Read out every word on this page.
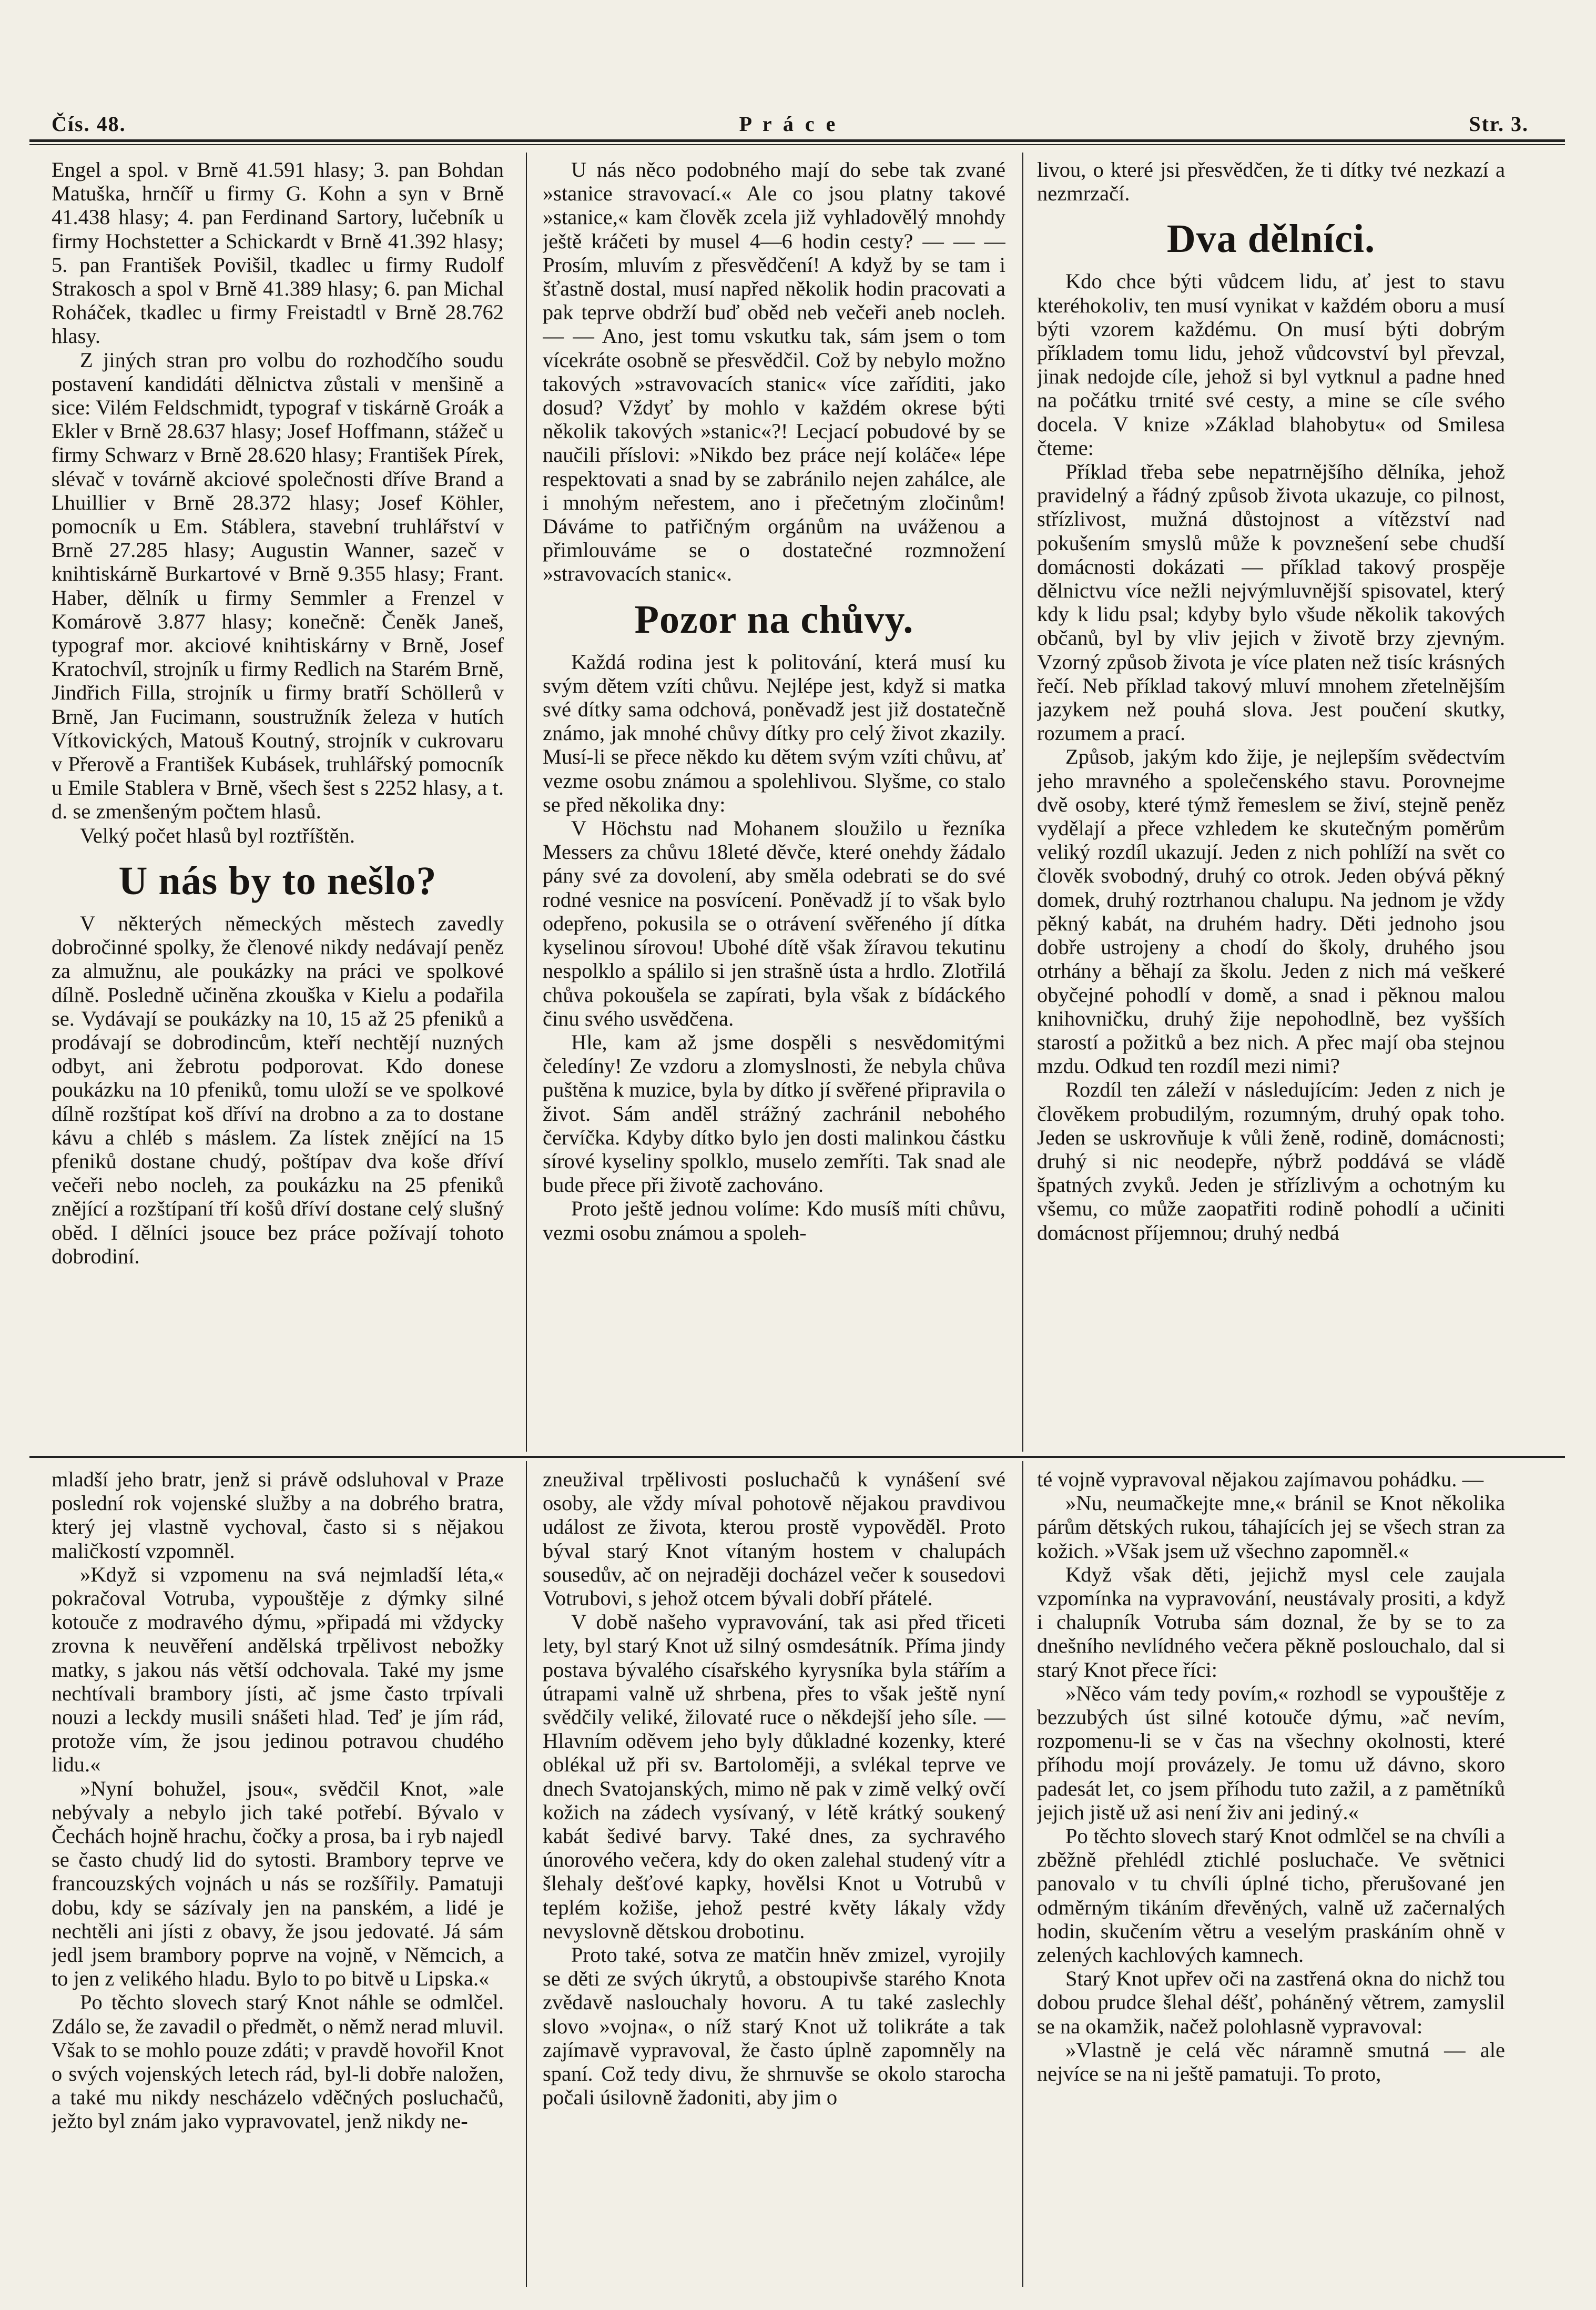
Čís. 48.	P r á c e	Str. 3.

Engel a spol. v Brně 41.591 hlasy; 3. pan Bohdan Matuška, hrnčíř u firmy G. Kohn a syn v Brně 41.438 hlasy; 4. pan Ferdinand Sartory, lučebník u firmy Hochstetter a Schickardt v Brně 41.392 hlasy; 5. pan František Povišil, tkadlec u firmy Rudolf Strakosch a spol v Brně 41.389 hlasy; 6. pan Michal Roháček, tkadlec u firmy Freistadtl v Brně 28.762 hlasy.

Z jiných stran pro volbu do rozhodčího soudu postavení kandidáti dělnictva zůstali v menšině a sice: Vilém Feldschmidt, typograf v tiskárně Groák a Ekler v Brně 28.637 hlasy; Josef Hoffmann, stážeč u firmy Schwarz v Brně 28.620 hlasy; František Pírek, slévač v továrně akciové společnosti dříve Brand a Lhuillier v Brně 28.372 hlasy; Josef Köhler, pomocník u Em. Stáblera, stavební truhlářství v Brně 27.285 hlasy; Augustin Wanner, sazeč v knihtiskárně Burkartové v Brně 9.355 hlasy; Frant. Haber, dělník u firmy Semmler a Frenzel v Komárově 3.877 hlasy; konečně: Čeněk Janeš, typograf mor. akciové knihtiskárny v Brně, Josef Kratochvíl, strojník u firmy Redlich na Starém Brně, Jindřich Filla, strojník u firmy bratří Schöllerů v Brně, Jan Fucimann, soustružník železa v hutích Vítkovických, Matouš Koutný, strojník v cukrovaru v Přerově a František Kubásek, truhlářský pomocník u Emile Stablera v Brně, všech šest s 2252 hlasy, a t. d. se zmenšeným počtem hlasů.

Velký počet hlasů byl roztříštěn.

U nás by to nešlo?

V některých německých městech zavedly dobročinné spolky, že členové nikdy nedávají peněz za almužnu, ale poukázky na práci ve spolkové dílně. Posledně učiněna zkouška v Kielu a podařila se. Vydávají se poukázky na 10, 15 až 25 pfeniků a prodávají se dobrodincům, kteří nechtějí nuzných odbyt, ani žebrotu podporovat. Kdo donese poukázku na 10 pfeniků, tomu uloží se ve spolkové dílně rozštípat koš dříví na drobno a za to dostane kávu a chléb s máslem. Za lístek znějící na 15 pfeniků dostane chudý, poštípav dva koše dříví večeři nebo nocleh, za poukázku na 25 pfeniků znějící a rozštípaní tří košů dříví dostane celý slušný oběd. I dělníci jsouce bez práce požívají tohoto dobrodiní.

U nás něco podobného mají do sebe tak zvané »stanice stravovací.« Ale co jsou platny takové »stanice,« kam člověk zcela již vyhladovělý mnohdy ještě kráčeti by musel 4—6 hodin cesty? — — — Prosím, mluvím z přesvědčení! A když by se tam i šťastně dostal, musí napřed několik hodin pracovati a pak teprve obdrží buď oběd neb večeři aneb nocleh. — — Ano, jest tomu vskutku tak, sám jsem o tom vícekráte osobně se přesvědčil. Což by nebylo možno takových »stravovacích stanic« více zaříditi, jako dosud? Vždyť by mohlo v každém okrese býti několik takových »stanic«?! Lecjací pobudové by se naučili příslovi: »Nikdo bez práce nejí koláče« lépe respektovati a snad by se zabránilo nejen zahálce, ale i mnohým neřestem, ano i přečetným zločinům! Dáváme to patřičným orgánům na uváženou a přimlouváme se o dostatečné rozmnožení »stravovacích stanic«.

Pozor na chůvy.

Každá rodina jest k politování, která musí ku svým dětem vzíti chůvu. Nejlépe jest, když si matka své dítky sama odchová, poněvadž jest již dostatečně známo, jak mnohé chůvy dítky pro celý život zkazily. Musí-li se přece někdo ku dětem svým vzíti chůvu, ať vezme osobu známou a spolehlivou. Slyšme, co stalo se před několika dny:

V Höchstu nad Mohanem sloužilo u řezníka Messers za chůvu 18leté děvče, které onehdy žádalo pány své za dovolení, aby směla odebrati se do své rodné vesnice na posvícení. Poněvadž jí to však bylo odepřeno, pokusila se o otrávení svěřeného jí dítka kyselinou sírovou! Ubohé dítě však žíravou tekutinu nespolklo a spálilo si jen strašně ústa a hrdlo. Zlotřilá chůva pokoušela se zapírati, byla však z bídáckého činu svého usvědčena.

Hle, kam až jsme dospěli s nesvědomitými čeledíny! Ze vzdoru a zlomyslnosti, že nebyla chůva puštěna k muzice, byla by dítko jí svěřené připravila o život. Sám anděl strážný zachránil nebohého červíčka. Kdyby dítko bylo jen dosti malinkou částku sírové kyseliny spolklo, muselo zemříti. Tak snad ale bude přece při životě zachováno.

Proto ještě jednou volíme: Kdo musíš míti chůvu, vezmi osobu známou a spoleh-

livou, o které jsi přesvědčen, že ti dítky tvé nezkazí a nezmrzačí.

Dva dělníci.

Kdo chce býti vůdcem lidu, ať jest to stavu kteréhokoliv, ten musí vynikat v každém oboru a musí býti vzorem každému. On musí býti dobrým příkladem tomu lidu, jehož vůdcovství byl převzal, jinak nedojde cíle, jehož si byl vytknul a padne hned na počátku trnité své cesty, a mine se cíle svého docela. V knize »Základ blahobytu« od Smilesa čteme:

Příklad třeba sebe nepatrnějšího dělníka, jehož pravidelný a řádný způsob života ukazuje, co pilnost, střízlivost, mužná důstojnost a vítězství nad pokušením smyslů může k povznešení sebe chudší domácnosti dokázati — příklad takový prospěje dělnictvu více nežli nejvýmluvnější spisovatel, který kdy k lidu psal; kdyby bylo všude několik takových občanů, byl by vliv jejich v životě brzy zjevným. Vzorný způsob života je více platen než tisíc krásných řečí. Neb příklad takový mluví mnohem zřetelnějším jazykem než pouhá slova. Jest poučení skutky, rozumem a prací.

Způsob, jakým kdo žije, je nejlepším svědectvím jeho mravného a společenského stavu. Porovnejme dvě osoby, které týmž řemeslem se živí, stejně peněz vydělají a přece vzhledem ke skutečným poměrům veliký rozdíl ukazují. Jeden z nich pohlíží na svět co člověk svobodný, druhý co otrok. Jeden obývá pěkný domek, druhý roztrhanou chalupu. Na jednom je vždy pěkný kabát, na druhém hadry. Děti jednoho jsou dobře ustrojeny a chodí do školy, druhého jsou otrhány a běhají za školu. Jeden z nich má veškeré obyčejné pohodlí v domě, a snad i pěknou malou knihovničku, druhý žije nepohodlně, bez vyšších starostí a požitků a bez nich. A přec mají oba stejnou mzdu. Odkud ten rozdíl mezi nimi?

Rozdíl ten záleží v následujícím: Jeden z nich je člověkem probudilým, rozumným, druhý opak toho. Jeden se uskrovňuje k vůli ženě, rodině, domácnosti; druhý si nic neodepře, nýbrž poddává se vládě špatných zvyků. Jeden je střízlivým a ochotným ku všemu, co může zaopatřiti rodině pohodlí a učiniti domácnost příjemnou; druhý nedbá

mladší jeho bratr, jenž si právě odsluhoval v Praze poslední rok vojenské služby a na dobrého bratra, který jej vlastně vychoval, často si s nějakou maličkostí vzpomněl.

»Když si vzpomenu na svá nejmladší léta,« pokračoval Votruba, vypouštěje z dýmky silné kotouče z modravého dýmu, »připadá mi vždycky zrovna k neuvěření andělská trpělivost nebožky matky, s jakou nás větší odchovala. Také my jsme nechtívali brambory jísti, ač jsme často trpívali nouzi a leckdy musili snášeti hlad. Teď je jím rád, protože vím, že jsou jedinou potravou chudého lidu.«

»Nyní bohužel, jsou«, svědčil Knot, »ale nebývaly a nebylo jich také potřebí. Bývalo v Čechách hojně hrachu, čočky a prosa, ba i ryb najedl se často chudý lid do sytosti. Brambory teprve ve francouzských vojnách u nás se rozšířily. Pamatuji dobu, kdy se sázívaly jen na panském, a lidé je nechtěli ani jísti z obavy, že jsou jedovaté. Já sám jedl jsem brambory poprve na vojně, v Němcich, a to jen z velikého hladu. Bylo to po bitvě u Lipska.«

Po těchto slovech starý Knot náhle se odmlčel. Zdálo se, že zavadil o předmět, o němž nerad mluvil. Však to se mohlo pouze zdáti; v pravdě hovořil Knot o svých vojenských letech rád, byl-li dobře naložen, a také mu nikdy nescházelo vděčných posluchačů, ježto byl znám jako vypravovatel, jenž nikdy ne-

zneužival trpělivosti posluchačů k vynášení své osoby, ale vždy míval pohotově nějakou pravdivou událost ze života, kterou prostě vypověděl. Proto býval starý Knot vítaným hostem v chalupách sousedův, ač on nejraději docházel večer k sousedovi Votrubovi, s jehož otcem bývali dobří přátelé.

V době našeho vypravování, tak asi před třiceti lety, byl starý Knot už silný osmdesátník. Příma jindy postava bývalého císařského kyrysníka byla stářím a útrapami valně už shrbena, přes to však ještě nyní svědčily veliké, žilovaté ruce o někdejší jeho síle. — Hlavním oděvem jeho byly důkladné kozenky, které oblékal už při sv. Bartoloměji, a svlékal teprve ve dnech Svatojanských, mimo ně pak v zimě velký ovčí kožich na zádech vysívaný, v létě krátký soukený kabát šedivé barvy. Také dnes, za sychravého únorového večera, kdy do oken zalehal studený vítr a šlehaly dešťové kapky, hovělsi Knot u Votrubů v teplém kožiše, jehož pestré květy lákaly vždy nevyslovně dětskou drobotinu.

Proto také, sotva ze matčin hněv zmizel, vyrojily se děti ze svých úkrytů, a obstoupivše starého Knota zvědavě naslouchaly hovoru. A tu také zaslechly slovo »vojna«, o níž starý Knot už tolikráte a tak zajímavě vypravoval, že často úplně zapomněly na spaní. Což tedy divu, že shrnuvše se okolo starocha počali úsilovně žadoniti, aby jim o

té vojně vypravoval nějakou zajímavou pohádku. —

»Nu, neumačkejte mne,« bránil se Knot několika párům dětských rukou, táhajících jej se všech stran za kožich. »Však jsem už všechno zapomněl.«

Když však děti, jejichž mysl cele zaujala vzpomínka na vypravování, neustávaly prositi, a když i chalupník Votruba sám doznal, že by se to za dnešního nevlídného večera pěkně poslouchalo, dal si starý Knot přece říci:

»Něco vám tedy povím,« rozhodl se vypouštěje z bezzubých úst silné kotouče dýmu, »ač nevím, rozpomenu-li se v čas na všechny okolnosti, které příhodu mojí provázely. Je tomu už dávno, skoro padesát let, co jsem příhodu tuto zažil, a z pamětníků jejich jistě už asi není živ ani jediný.«

Po těchto slovech starý Knot odmlčel se na chvíli a zběžně přehlédl ztichlé posluchače. Ve světnici panovalo v tu chvíli úplné ticho, přerušované jen odměrným tikáním dřevěných, valně už začernalých hodin, skučením větru a veselým praskáním ohně v zelených kachlových kamnech.

Starý Knot upřev oči na zastřená okna do nichž tou dobou prudce šlehal déšť, poháněný větrem, zamyslil se na okamžik, načež polohlasně vypravoval:

»Vlastně je celá věc náramně smutná — ale nejvíce se na ni ještě pamatuji. To proto,
